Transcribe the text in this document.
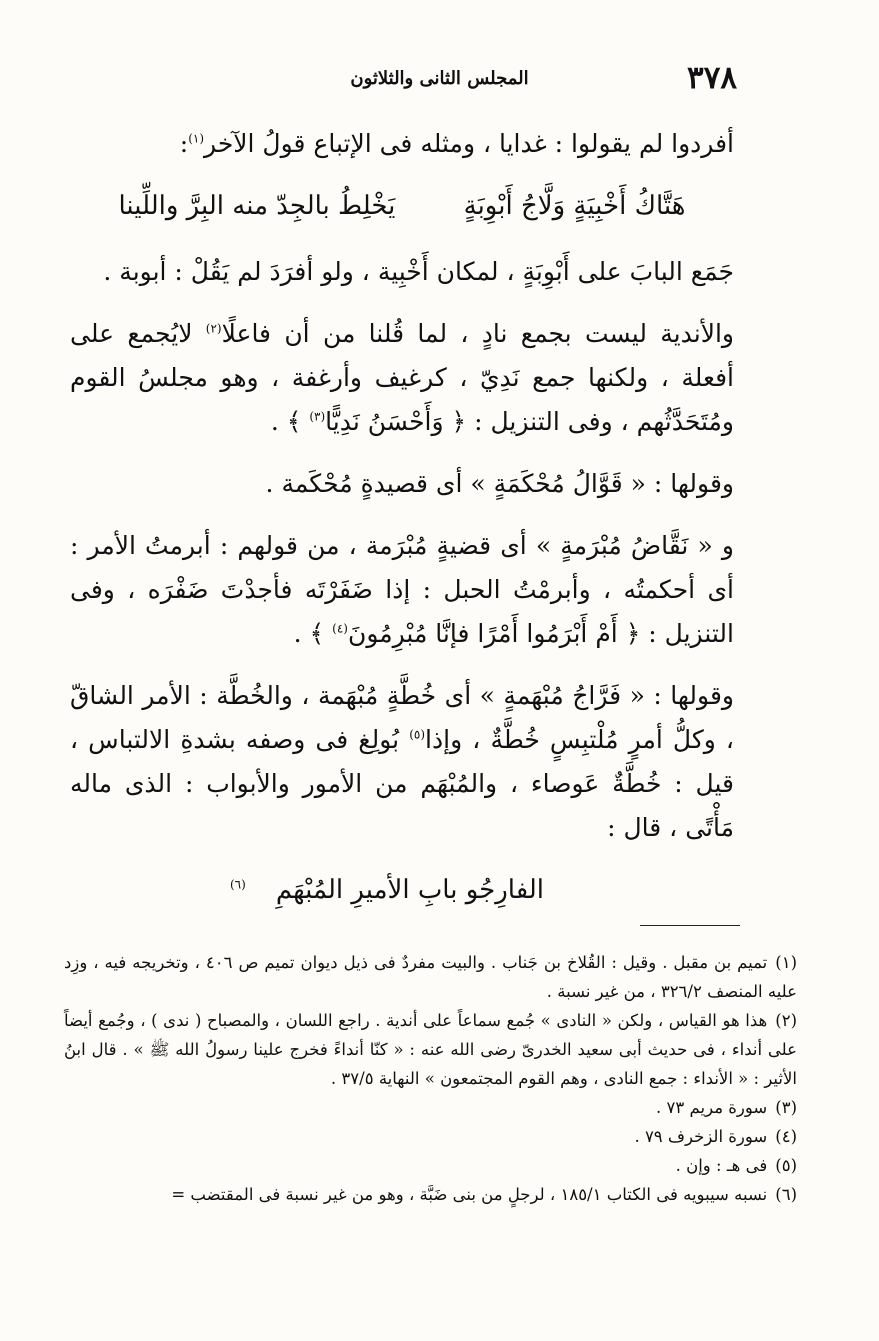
٣٧٨
المجلس الثانى والثلاثون

أفردوا لم يقولوا : غدايا ، ومثله فى الإتباع قولُ الآخر$^{(١)}$:

هَتَّاكُ أَخْبِيَةٍ وَلَّاجُ أَبْوِبَةٍ يَخْلِطُ بالجِدّ منه البِرَّ واللِّينا

جَمَع البابَ على أَبْوِبَةٍ ، لمكان أَخْبِية ، ولو أفرَدَ لم يَقُلْ : أبوبة .

والأندية ليست بجمع نادٍ ، لما قُلنا من أن فاعلًا$^{(٢)}$ لايُجمع على أفعلة ، ولكنها جمع نَدِيّ ، كرغيف وأرغفة ، وهو مجلسُ القوم ومُتَحَدَّثُهم ، وفى التنزيل : ﴿ وَأَحْسَنُ نَدِيًّا$^{(٣)}$ ﴾ .

وقولها : « قَوَّالُ مُحْكَمَةٍ » أى قصيدةٍ مُحْكَمة .

و « نَقَّاضُ مُبْرَمةٍ » أى قضيةٍ مُبْرَمة ، من قولهم : أبرمتُ الأمر : أى أحكمتُه ، وأبرمْتُ الحبل : إذا ضَفَرْتَه فأجدْتَ ضَفْرَه ، وفى التنزيل : ﴿ أَمْ أَبْرَمُوا أَمْرًا فإنَّا مُبْرِمُونَ$^{(٤)}$ ﴾ .

وقولها : « فَرَّاجُ مُبْهَمةٍ » أى خُطَّةٍ مُبْهَمة ، والخُطَّة : الأمر الشاقّ ، وكلُّ أمرٍ مُلْتبِسٍ خُطَّةٌ ، وإذا$^{(٥)}$ بُولِغ فى وصفه بشدةِ الالتباس ، قيل : خُطَّةٌ عَوصاء ، والمُبْهَم من الأمور والأبواب : الذى ماله مَأْتًى ، قال :

الفارِجُو بابِ الأميرِ المُبْهَمِ$^{(٦)}$

(١)تميم بن مقبل . وقيل : القُلاخ بن جَناب . والبيت مفردٌ فى ذيل ديوان تميم ص ٤٠٦ ، وتخريجه فيه ، وزِد عليه المنصف ٣٢٦/٢ ، من غير نسبة .

(٢)هذا هو القياس ، ولكن « النادى » جُمع سماعاً على أندية . راجع اللسان ، والمصباح ( ندى ) ، وجُمع أيضاً على أنداء ، فى حديث أبى سعيد الخدرىّ رضى الله عنه : « كنّا أنداءً فخرج علينا رسولُ الله ﷺ » . قال ابنُ الأثير : « الأنداء : جمع النادى ، وهم القوم المجتمعون » النهاية ٣٧/٥ .

(٣)سورة مريم ٧٣ .

(٤)سورة الزخرف ٧٩ .

(٥)فى هـ : وإن .

(٦)نسبه سيبويه فى الكتاب ١٨٥/١ ، لرجلٍ من بنى ضَبَّة ، وهو من غير نسبة فى المقتضب =
